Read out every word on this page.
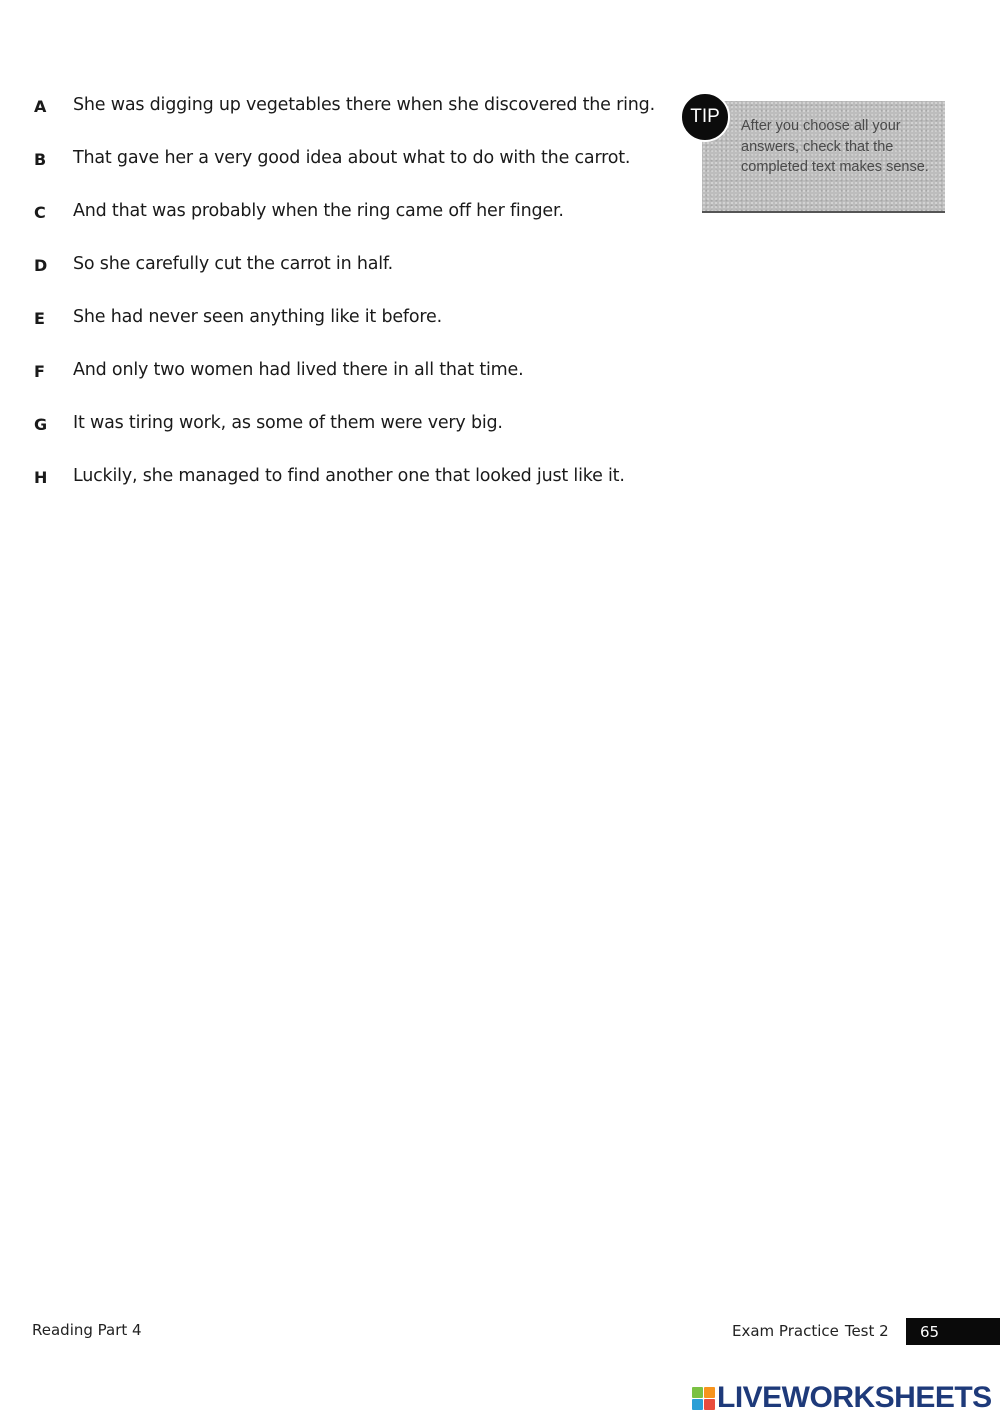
A She was digging up vegetables there when she discovered the ring.
B That gave her a very good idea about what to do with the carrot.
C And that was probably when the ring came off her finger.
D So she carefully cut the carrot in half.
E She had never seen anything like it before.
F And only two women had lived there in all that time.
G It was tiring work, as some of them were very big.
H Luckily, she managed to find another one that looked just like it.
After you choose all your answers, check that the completed text makes sense.
TIP
Reading Part 4	Exam Practice Test 2 65
LIVEWORKSHEETS
